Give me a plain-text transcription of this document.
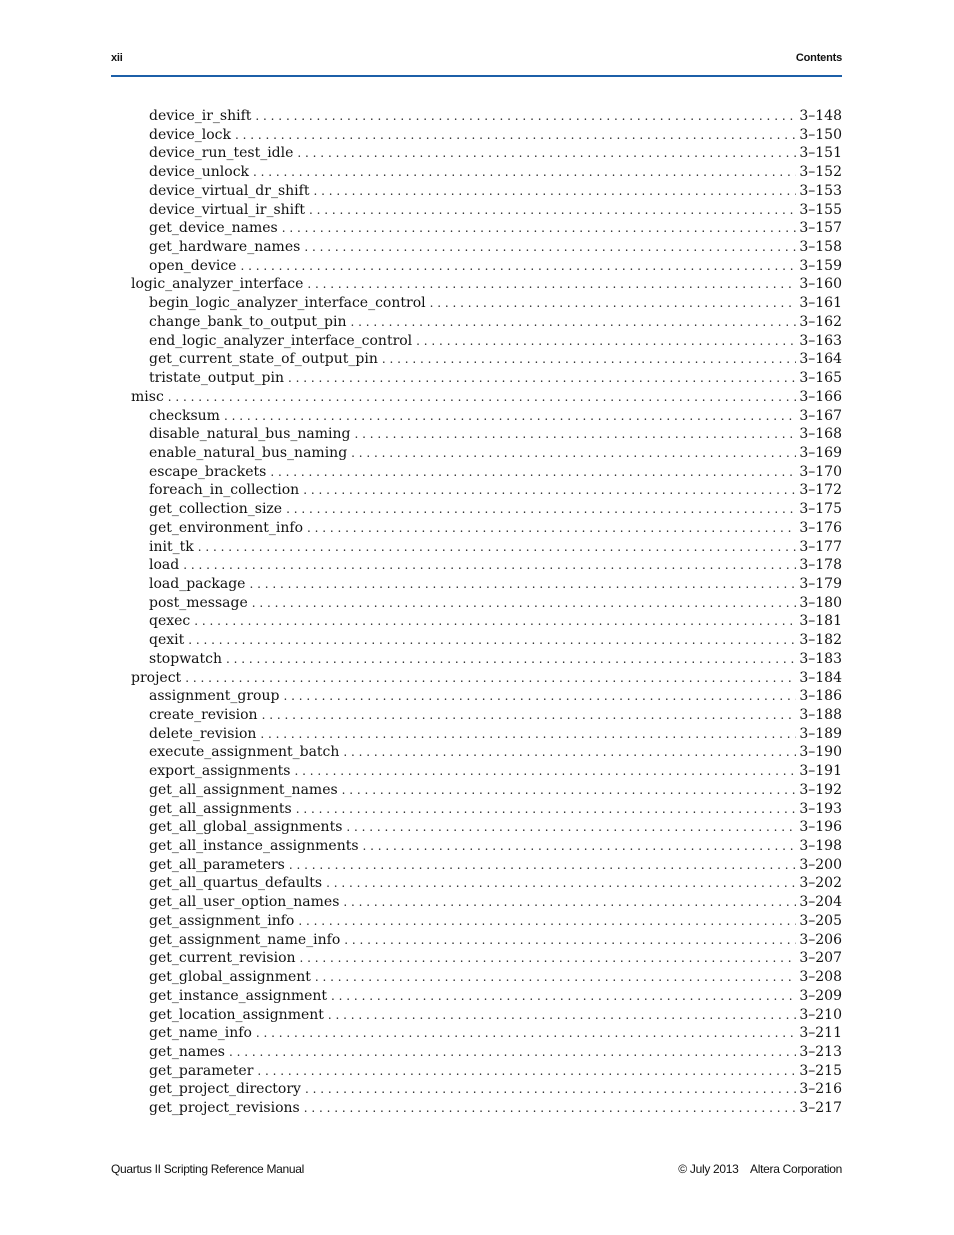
xii	Contents
device_ir_shift . . .	3–148
device_lock . . .	3–150
device_run_test_idle . . .	3–151
device_unlock . . .	3–152
device_virtual_dr_shift . . .	3–153
device_virtual_ir_shift . . .	3–155
get_device_names . . .	3–157
get_hardware_names . . .	3–158
open_device . . .	3–159
logic_analyzer_interface . . .	3–160
begin_logic_analyzer_interface_control . . .	3–161
change_bank_to_output_pin . . .	3–162
end_logic_analyzer_interface_control . . .	3–163
get_current_state_of_output_pin . . .	3–164
tristate_output_pin . . .	3–165
misc . . .	3–166
checksum . . .	3–167
disable_natural_bus_naming . . .	3–168
enable_natural_bus_naming . . .	3–169
escape_brackets . . .	3–170
foreach_in_collection . . .	3–172
get_collection_size . . .	3–175
get_environment_info . . .	3–176
init_tk . . .	3–177
load . . .	3–178
load_package . . .	3–179
post_message . . .	3–180
qexec . . .	3–181
qexit . . .	3–182
stopwatch . . .	3–183
project . . .	3–184
assignment_group . . .	3–186
create_revision . . .	3–188
delete_revision . . .	3–189
execute_assignment_batch . . .	3–190
export_assignments . . .	3–191
get_all_assignment_names . . .	3–192
get_all_assignments . . .	3–193
get_all_global_assignments . . .	3–196
get_all_instance_assignments . . .	3–198
get_all_parameters . . .	3–200
get_all_quartus_defaults . . .	3–202
get_all_user_option_names . . .	3–204
get_assignment_info . . .	3–205
get_assignment_name_info . . .	3–206
get_current_revision . . .	3–207
get_global_assignment . . .	3–208
get_instance_assignment . . .	3–209
get_location_assignment . . .	3–210
get_name_info . . .	3–211
get_names . . .	3–213
get_parameter . . .	3–215
get_project_directory . . .	3–216
get_project_revisions . . .	3–217
Quartus II Scripting Reference Manual	© July 2013    Altera Corporation
